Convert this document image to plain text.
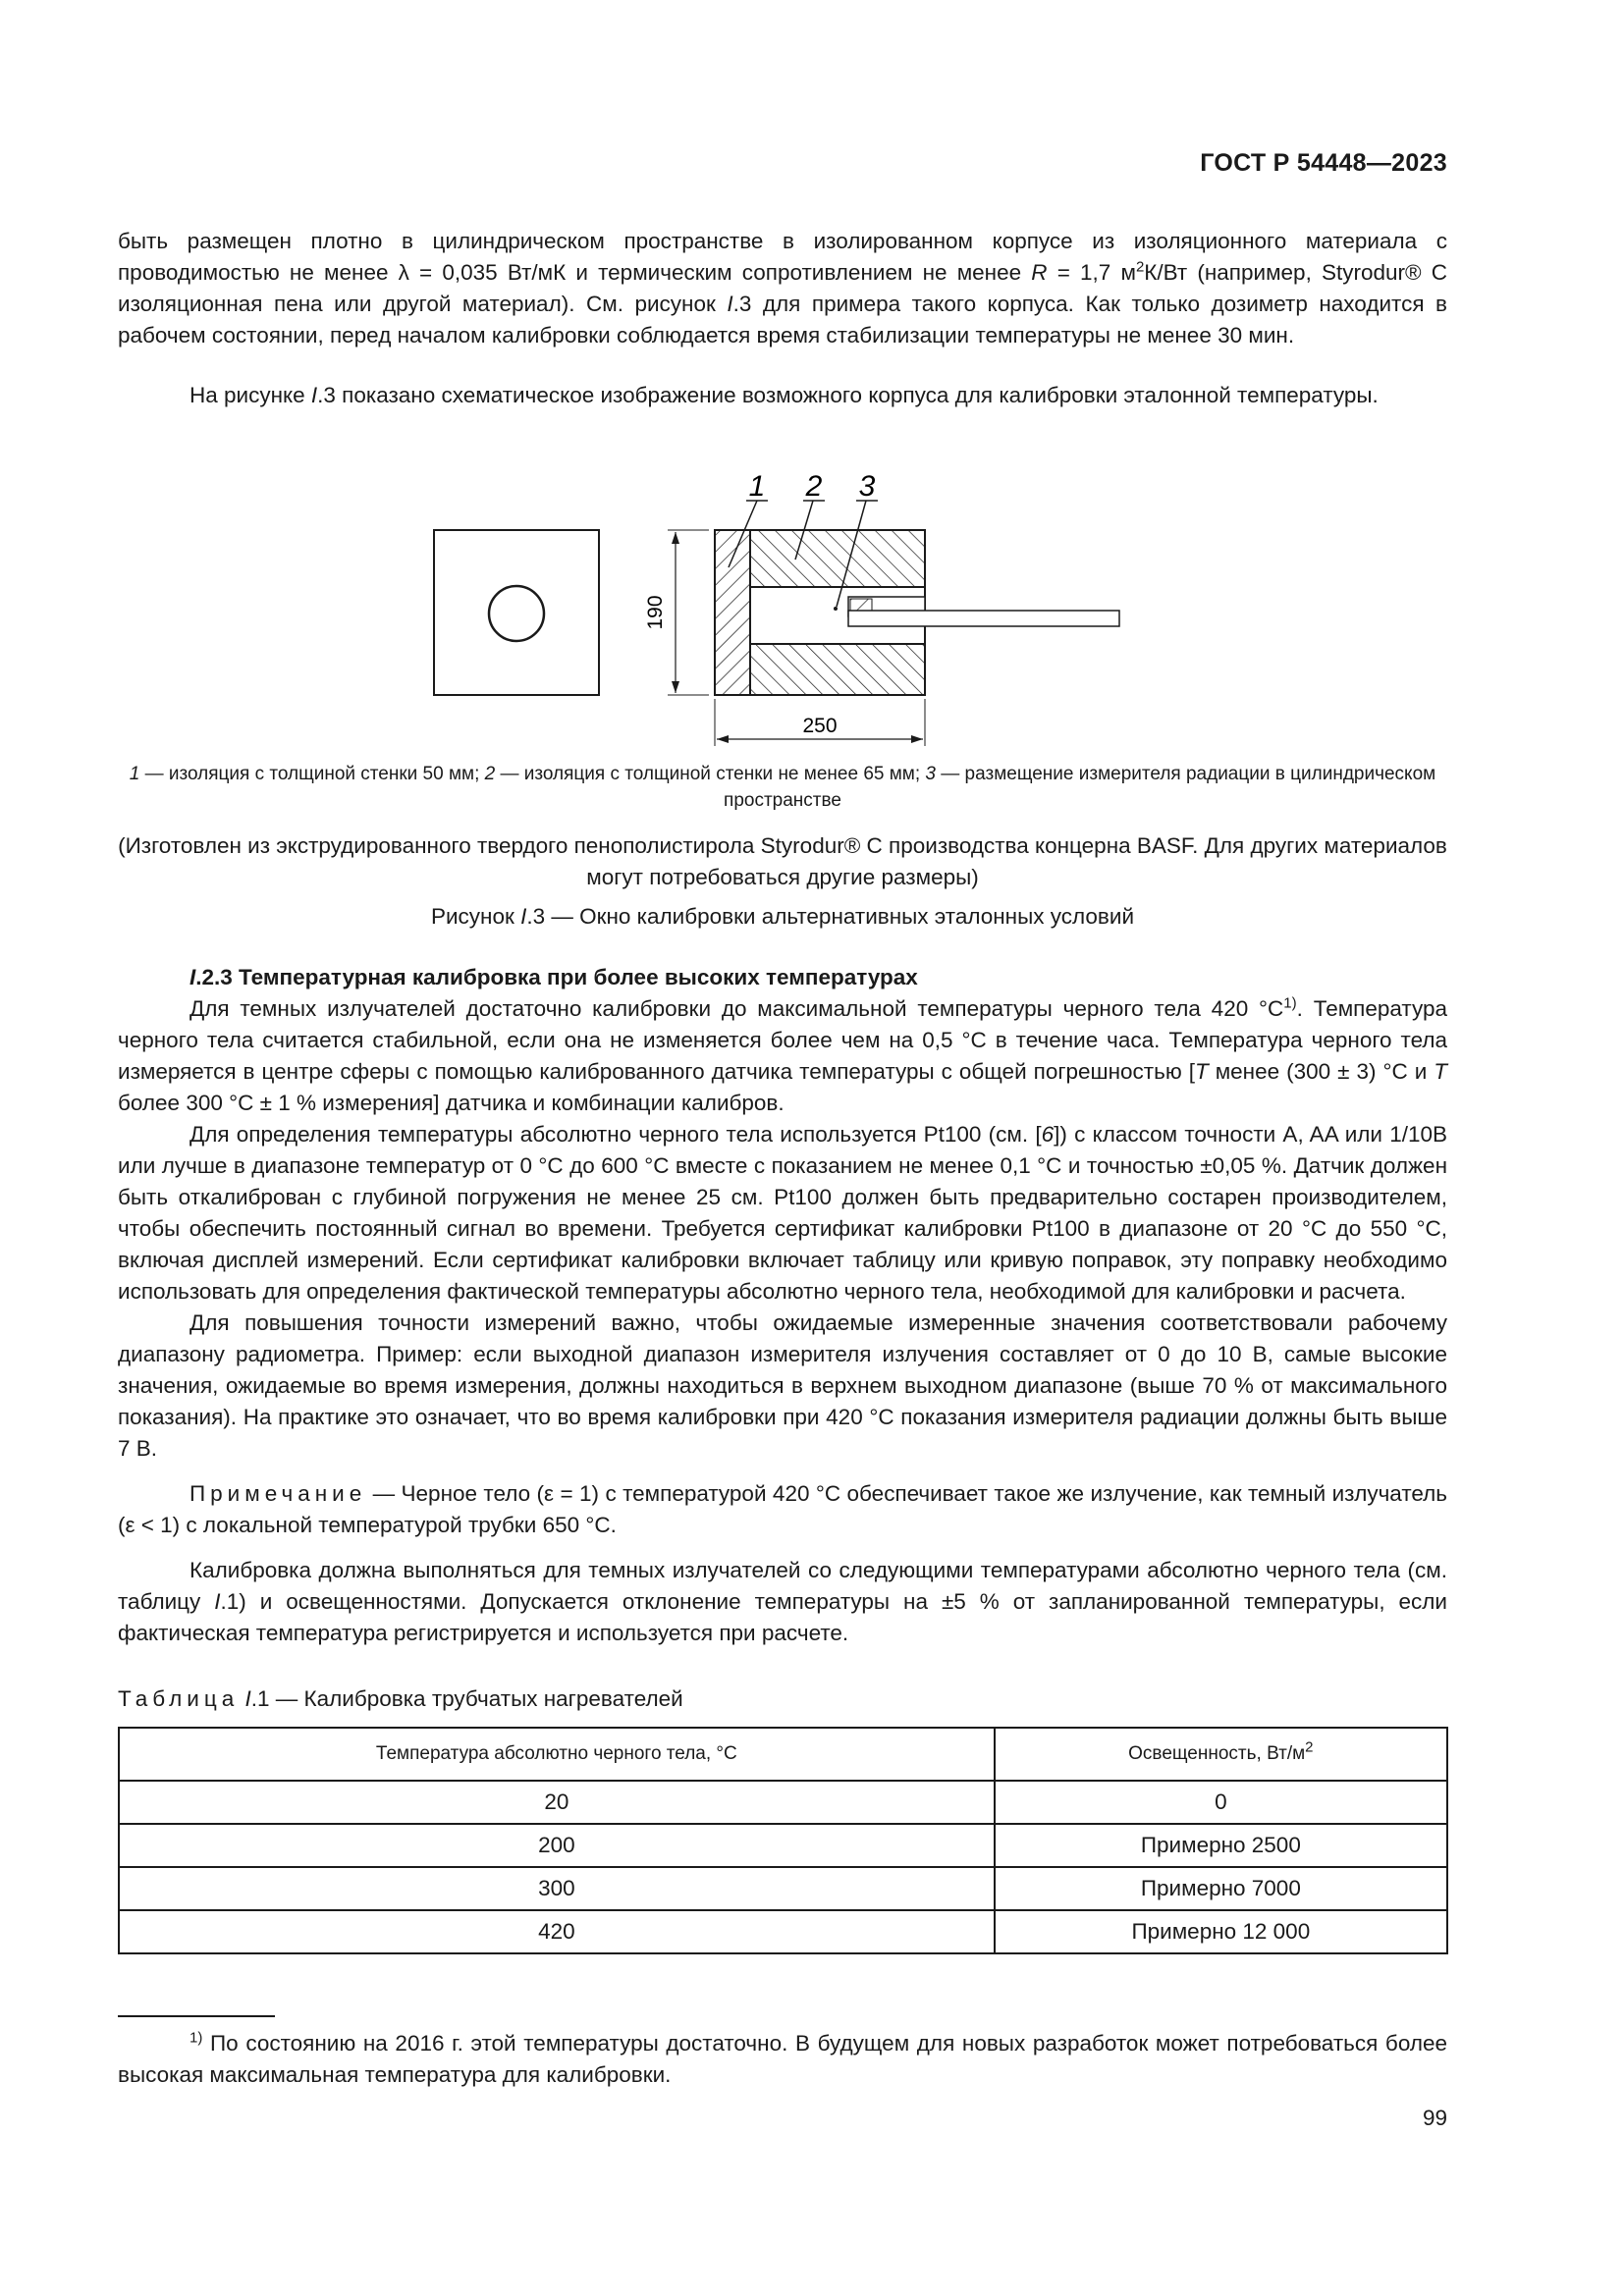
ГОСТ Р 54448—2023

быть размещен плотно в цилиндрическом пространстве в изолированном корпусе из изоляционного материала с проводимостью не менее λ = 0,035 Вт/мК и термическим сопротивлением не менее R = 1,7 $м^2К/Вт$ (например, Styrodur® C изоляционная пена или другой материал). См. рисунок I.3 для примера такого корпуса. Как только дозиметр находится в рабочем состоянии, перед началом калибровки соблюдается время стабилизации температуры не менее 30 мин.

На рисунке I.3 показано схематическое изображение возможного корпуса для калибровки эталонной температуры.

1 2 3
190
250
1 — изоляция с толщиной стенки 50 мм; 2 — изоляция с толщиной стенки не менее 65 мм; 3 — размещение измерителя радиации в цилиндрическом пространстве
(Изготовлен из экструдированного твердого пенополистирола Styrodur® C производства концерна BASF. Для других материалов могут потребоваться другие размеры)
Рисунок I.3 — Окно калибровки альтернативных эталонных условий

I.2.3 Температурная калибровка при более высоких температурах

Для темных излучателей достаточно калибровки до максимальной температуры черного тела 420 $^\circ C^{1)}$. Температура черного тела считается стабильной, если она не изменяется более чем на 0,5 °С в течение часа. Температура черного тела измеряется в центре сферы с помощью калиброванного датчика температуры с общей погрешностью [T менее (300 ± 3) °C и T более 300 °C ± 1 % измерения] датчика и комбинации калибров.

Для определения температуры абсолютно черного тела используется Pt100 (см. [6]) с классом точности A, AA или 1/10B или лучше в диапазоне температур от 0 °C до 600 °C вместе с показанием не менее 0,1 °C и точностью ±0,05 %. Датчик должен быть откалиброван с глубиной погружения не менее 25 см. Pt100 должен быть предварительно состарен производителем, чтобы обеспечить постоянный сигнал во времени. Требуется сертификат калибровки Pt100 в диапазоне от 20 °C до 550 °C, включая дисплей измерений. Если сертификат калибровки включает таблицу или кривую поправок, эту поправку необходимо использовать для определения фактической температуры абсолютно черного тела, необходимой для калибровки и расчета.

Для повышения точности измерений важно, чтобы ожидаемые измеренные значения соответствовали рабочему диапазону радиометра. Пример: если выходной диапазон измерителя излучения составляет от 0 до 10 В, самые высокие значения, ожидаемые во время измерения, должны находиться в верхнем выходном диапазоне (выше 70 % от максимального показания). На практике это означает, что во время калибровки при 420 °C показания измерителя радиации должны быть выше 7 В.

Примечание — Черное тело (ε = 1) с температурой 420 °С обеспечивает такое же излучение, как темный излучатель (ε < 1) с локальной температурой трубки 650 °С.

Калибровка должна выполняться для темных излучателей со следующими температурами абсолютно черного тела (см. таблицу I.1) и освещенностями. Допускается отклонение температуры на ±5 % от запланированной температуры, если фактическая температура регистрируется и используется при расчете.

Таблица I.1 — Калибровка трубчатых нагревателей
Температура абсолютно черного тела, °С	Освещенность, $Вт/м^2$
20	0
200	Примерно 2500
300	Примерно 7000
420	Примерно 12 000
$^{1)}$ По состоянию на 2016 г. этой температуры достаточно. В будущем для новых разработок может потребоваться более высокая максимальная температура для калибровки.
99
